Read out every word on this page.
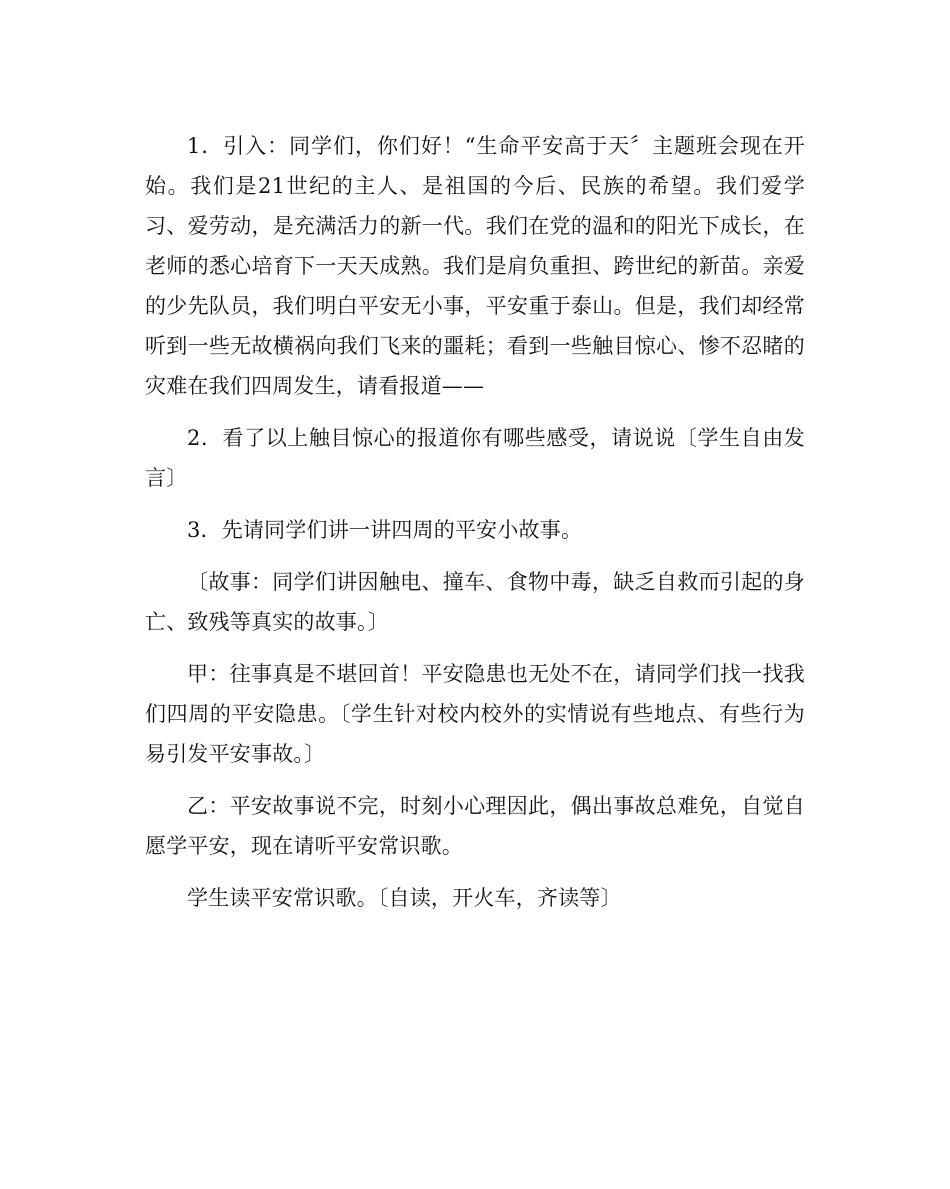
1．引入：同学们，你们好！“生命平安高于天〞主题班会现在开始。我们是21世纪的主人、是祖国的今后、民族的希望。我们爱学习、爱劳动，是充满活力的新一代。我们在党的温和的阳光下成长，在老师的悉心培育下一天天成熟。我们是肩负重担、跨世纪的新苗。亲爱的少先队员，我们明白平安无小事，平安重于泰山。但是，我们却经常听到一些无故横祸向我们飞来的噩耗；看到一些触目惊心、惨不忍睹的灾难在我们四周发生，请看报道——

2．看了以上触目惊心的报道你有哪些感受，请说说〔学生自由发言〕

3．先请同学们讲一讲四周的平安小故事。

〔故事：同学们讲因触电、撞车、食物中毒，缺乏自救而引起的身亡、致残等真实的故事。〕

甲：往事真是不堪回首！平安隐患也无处不在，请同学们找一找我们四周的平安隐患。〔学生针对校内校外的实情说有些地点、有些行为易引发平安事故。〕

乙：平安故事说不完，时刻小心理因此，偶出事故总难免，自觉自愿学平安，现在请听平安常识歌。

学生读平安常识歌。〔自读，开火车，齐读等〕
